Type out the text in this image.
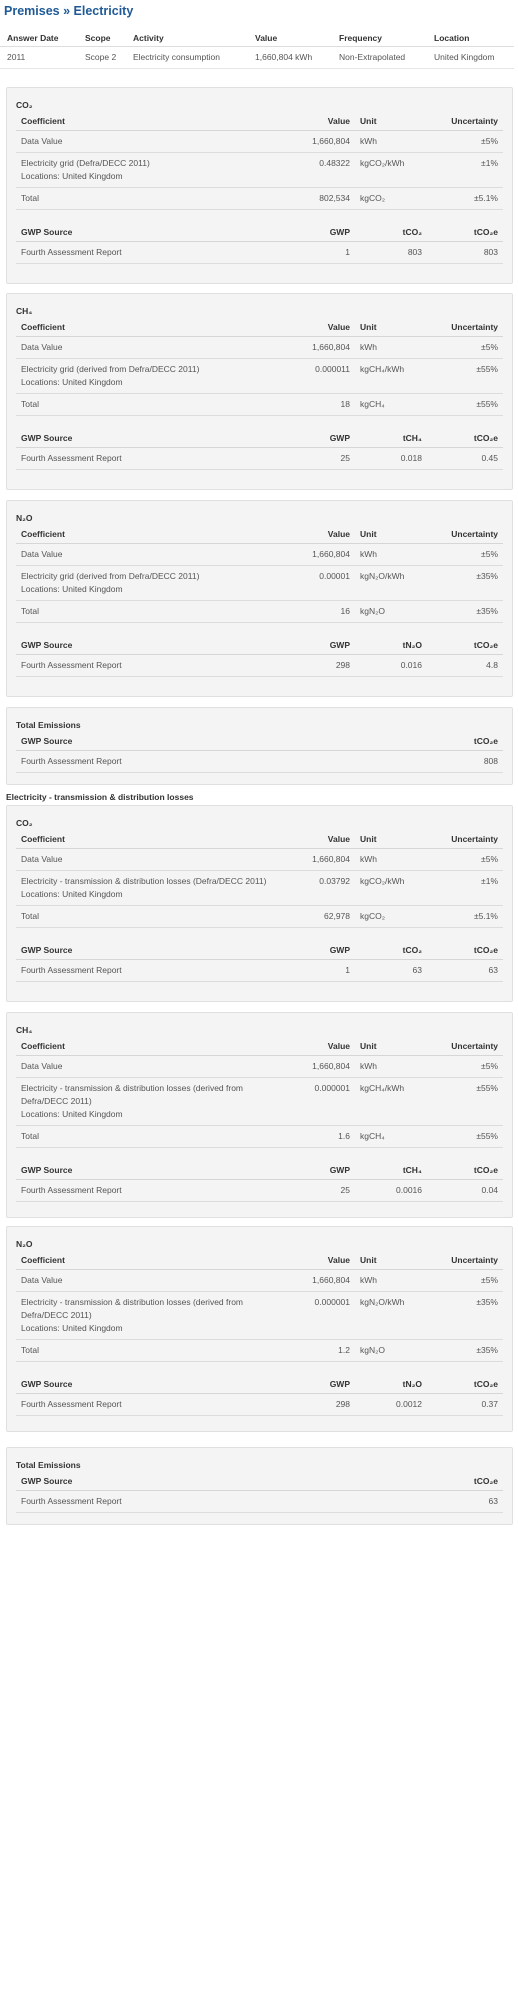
Premises » Electricity
Answer Date	Scope	Activity	Value	Frequency	Location
2011	Scope 2	Electricity consumption	1,660,804 kWh	Non-Extrapolated	United Kingdom
CO₂
Coefficient	Value	Unit	Uncertainty

Data Value	1,660,804	kWh	±5%

Electricity grid (Defra/DECC 2011)
Locations: United Kingdom	0.48322	kgCO₂/kWh	±1%

Total	802,534	kgCO₂	±5.1%
GWP Source	GWP	tCO₂	tCO₂e
Fourth Assessment Report	1	803	803
CH₄
Coefficient	Value	Unit	Uncertainty

Data Value	1,660,804	kWh	±5%

Electricity grid (derived from Defra/DECC 2011)
Locations: United Kingdom	0.000011	kgCH₄/kWh	±55%

Total	18	kgCH₄	±55%
GWP Source	GWP	tCH₄	tCO₂e
Fourth Assessment Report	25	0.018	0.45
N₂O
Coefficient	Value	Unit	Uncertainty

Data Value	1,660,804	kWh	±5%

Electricity grid (derived from Defra/DECC 2011)
Locations: United Kingdom	0.00001	kgN₂O/kWh	±35%

Total	16	kgN₂O	±35%
GWP Source	GWP	tN₂O	tCO₂e
Fourth Assessment Report	298	0.016	4.8
Total Emissions
GWP Source	tCO₂e
Fourth Assessment Report	808
Electricity - transmission & distribution losses
CO₂
Coefficient	Value	Unit	Uncertainty

Data Value	1,660,804	kWh	±5%

Electricity - transmission & distribution losses (Defra/DECC 2011)
Locations: United Kingdom	0.03792	kgCO₂/kWh	±1%

Total	62,978	kgCO₂	±5.1%
GWP Source	GWP	tCO₂	tCO₂e
Fourth Assessment Report	1	63	63
CH₄
Coefficient	Value	Unit	Uncertainty

Data Value	1,660,804	kWh	±5%

Electricity - transmission & distribution losses (derived from Defra/DECC 2011)
Locations: United Kingdom	0.000001	kgCH₄/kWh	±55%

Total	1.6	kgCH₄	±55%
GWP Source	GWP	tCH₄	tCO₂e
Fourth Assessment Report	25	0.0016	0.04
N₂O
Coefficient	Value	Unit	Uncertainty

Data Value	1,660,804	kWh	±5%

Electricity - transmission & distribution losses (derived from Defra/DECC 2011)
Locations: United Kingdom	0.000001	kgN₂O/kWh	±35%

Total	1.2	kgN₂O	±35%
GWP Source	GWP	tN₂O	tCO₂e
Fourth Assessment Report	298	0.0012	0.37
Total Emissions
GWP Source	tCO₂e
Fourth Assessment Report	63
